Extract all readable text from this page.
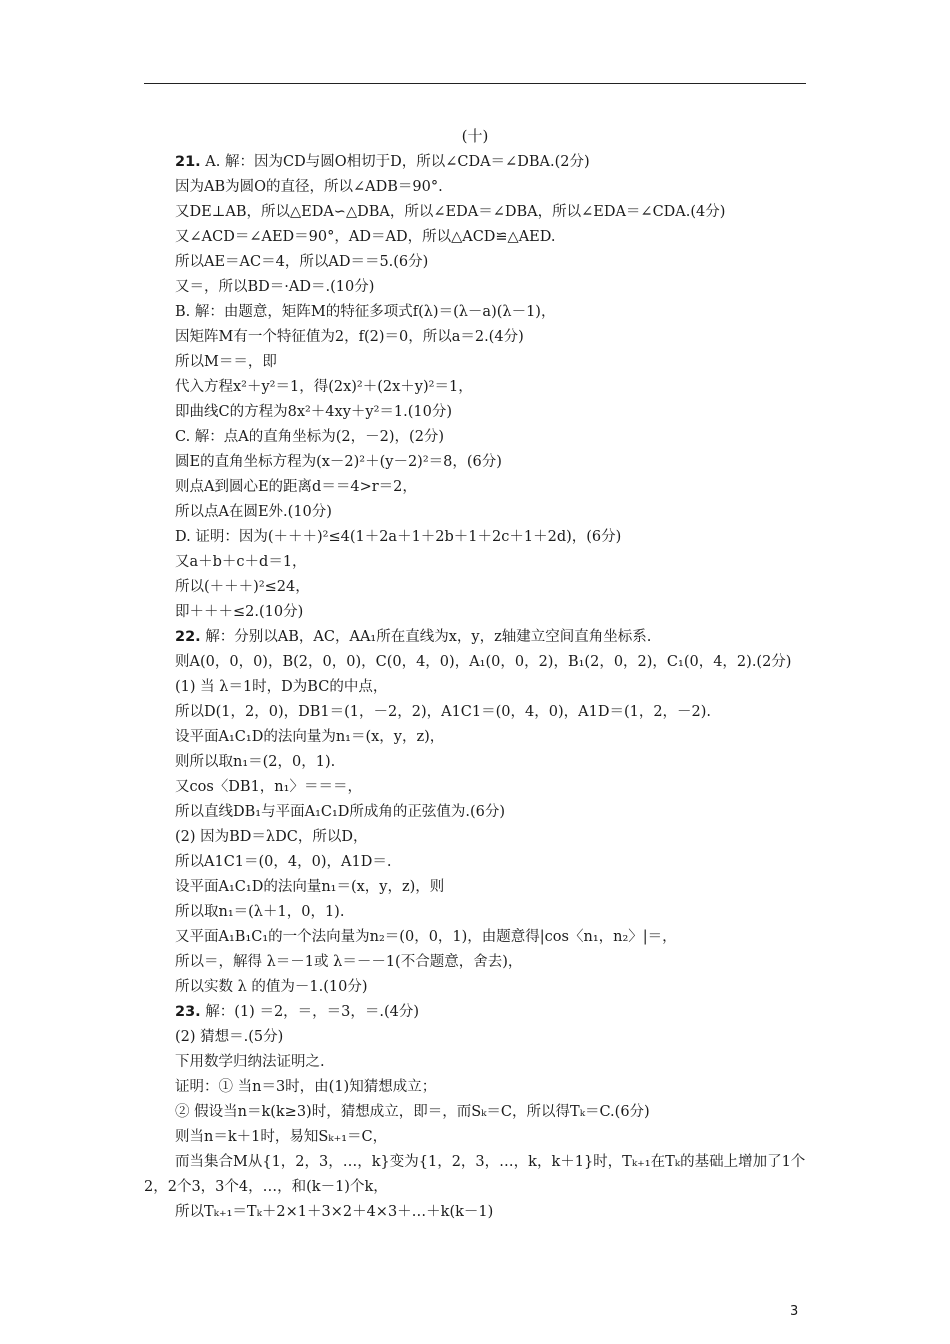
(十)
21. A. 解：因为CD与圆O相切于D，所以∠CDA＝∠DBA.(2分)
因为AB为圆O的直径，所以∠ADB＝90°.
又DE⊥AB，所以△EDA∽△DBA，所以∠EDA＝∠DBA，所以∠EDA＝∠CDA.(4分)
又∠ACD＝∠AED＝90°，AD＝AD，所以△ACD≌△AED.
所以AE＝AC＝4，所以AD＝＝5.(6分)
又＝，所以BD＝·AD＝.(10分)
B. 解：由题意，矩阵M的特征多项式f(λ)＝(λ－a)(λ－1)，
因矩阵M有一个特征值为2，f(2)＝0，所以a＝2.(4分)
所以M＝＝，即
代入方程x²＋y²＝1，得(2x)²＋(2x＋y)²＝1，
即曲线C的方程为8x²＋4xy＋y²＝1.(10分)
C. 解：点A的直角坐标为(2，－2)，(2分)
圆E的直角坐标方程为(x－2)²＋(y－2)²＝8，(6分)
则点A到圆心E的距离d＝＝4>r＝2，
所以点A在圆E外.(10分)
D. 证明：因为(＋＋＋)²≤4(1＋2a＋1＋2b＋1＋2c＋1＋2d)，(6分)
又a＋b＋c＋d＝1，
所以(＋＋＋)²≤24，
即＋＋＋≤2.(10分)
22. 解：分别以AB，AC，AA₁所在直线为x，y，z轴建立空间直角坐标系.
则A(0，0，0)，B(2，0，0)，C(0，4，0)，A₁(0，0，2)，B₁(2，0，2)，C₁(0，4，2).(2分)
(1) 当 λ＝1时，D为BC的中点，
所以D(1，2，0)，DB1＝(1，－2，2)，A1C1＝(0，4，0)，A1D＝(1，2，－2).
设平面A₁C₁D的法向量为n₁＝(x，y，z)，
则所以取n₁＝(2，0，1).
又cos〈DB1，n₁〉＝＝＝，
所以直线DB₁与平面A₁C₁D所成角的正弦值为.(6分)
(2) 因为BD＝λDC，所以D，
所以A1C1＝(0，4，0)，A1D＝.
设平面A₁C₁D的法向量n₁＝(x，y，z)，则
所以取n₁＝(λ＋1，0，1).
又平面A₁B₁C₁的一个法向量为n₂＝(0，0，1)，由题意得|cos〈n₁，n₂〉|＝，
所以＝，解得 λ＝－1或 λ＝－－1(不合题意，舍去)，
所以实数 λ 的值为－1.(10分)
23. 解：(1) ＝2，＝，＝3，＝.(4分)
(2) 猜想＝.(5分)
下用数学归纳法证明之.
证明：① 当n＝3时，由(1)知猜想成立；
② 假设当n＝k(k≥3)时，猜想成立，即＝，而Sₖ＝C，所以得Tₖ＝C.(6分)
则当n＝k＋1时，易知Sₖ₊₁＝C，
而当集合M从{1，2，3，…，k}变为{1，2，3，…，k，k＋1}时，Tₖ₊₁在Tₖ的基础上增加了1个
2，2个3，3个4，…，和(k－1)个k，
所以Tₖ₊₁＝Tₖ＋2×1＋3×2＋4×3＋…＋k(k－1)
3
